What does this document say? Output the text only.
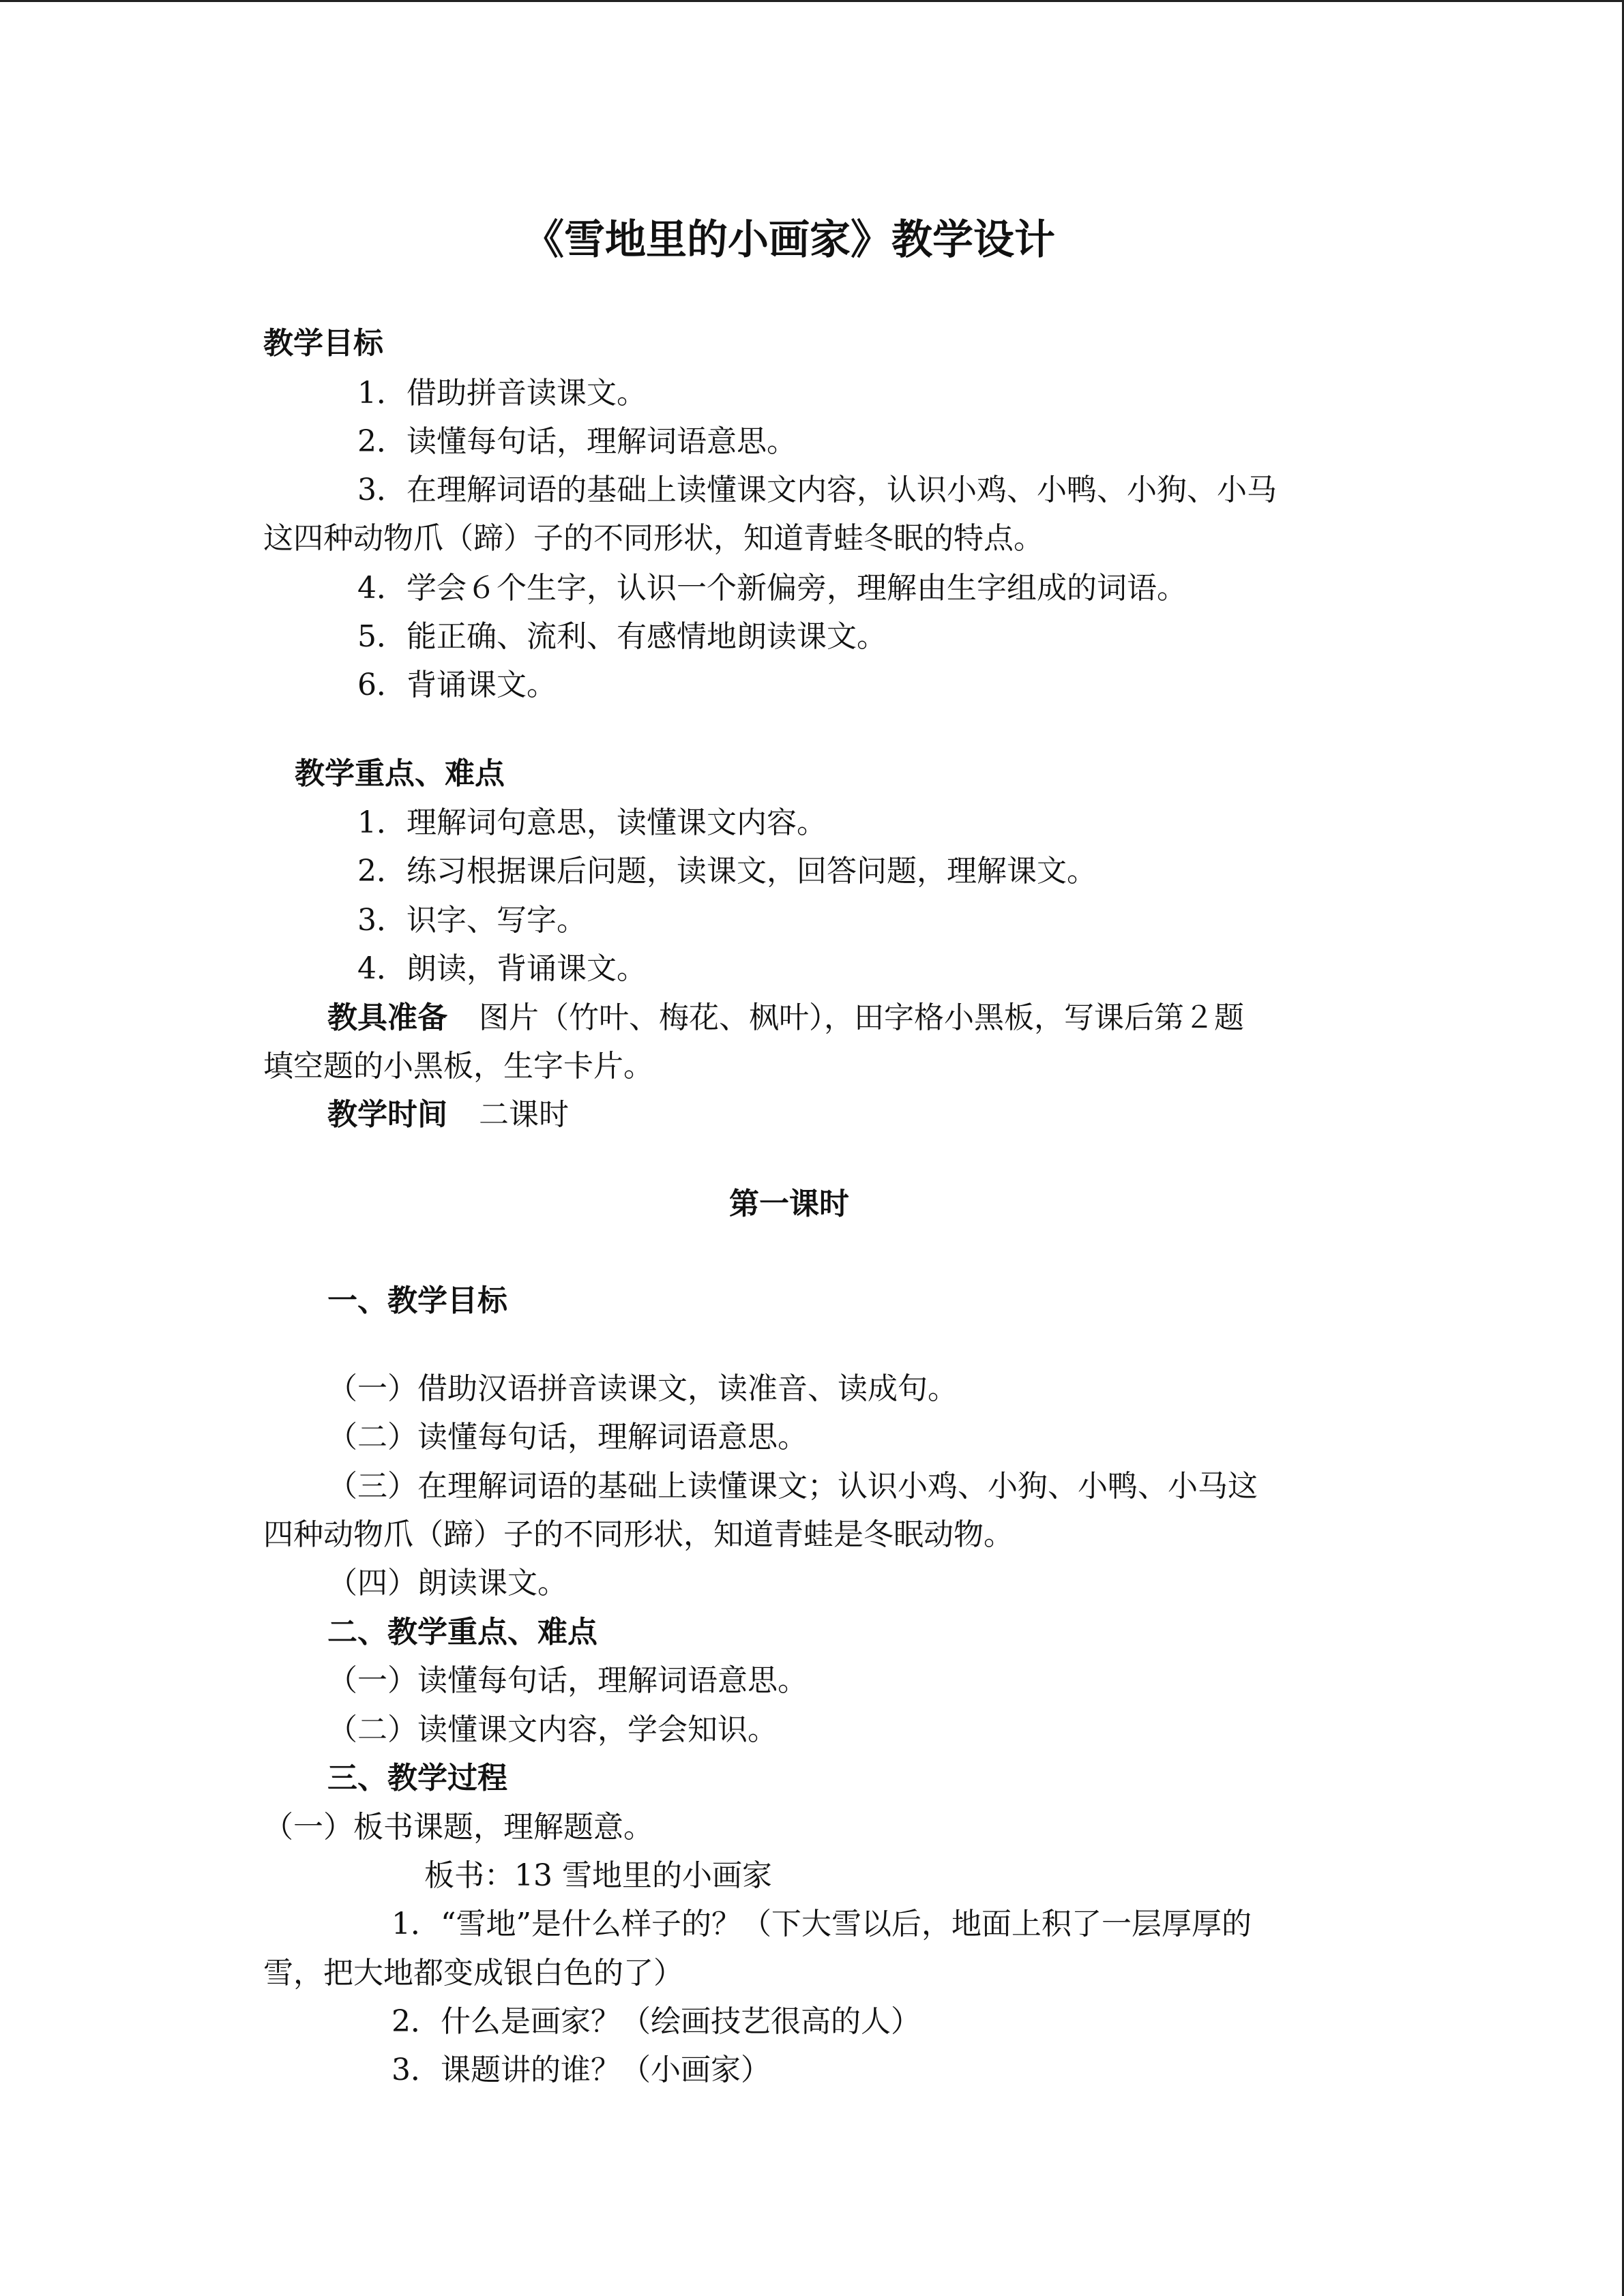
《雪地里的小画家》教学设计
教学目标
1．借助拼音读课文。
2．读懂每句话，理解词语意思。
3．在理解词语的基础上读懂课文内容，认识小鸡、小鸭、小狗、小马
这四种动物爪（蹄）子的不同形状，知道青蛙冬眠的特点。
4．学会６个生字，认识一个新偏旁，理解由生字组成的词语。
5．能正确、流利、有感情地朗读课文。
6．背诵课文。
教学重点、难点
1．理解词句意思，读懂课文内容。
2．练习根据课后问题，读课文，回答问题，理解课文。
3．识字、写字。
4．朗读，背诵课文。
教具准备 图片（竹叶、梅花、枫叶），田字格小黑板，写课后第２题
填空题的小黑板，生字卡片。
教学时间 二课时
第一课时
一、教学目标
（一）借助汉语拼音读课文，读准音、读成句。
（二）读懂每句话，理解词语意思。
（三）在理解词语的基础上读懂课文；认识小鸡、小狗、小鸭、小马这
四种动物爪（蹄）子的不同形状，知道青蛙是冬眠动物。
（四）朗读课文。
二、教学重点、难点
（一）读懂每句话，理解词语意思。
（二）读懂课文内容，学会知识。
三、教学过程
（一）板书课题，理解题意。
板书：13 雪地里的小画家
1．“雪地”是什么样子的？（下大雪以后，地面上积了一层厚厚的
雪，把大地都变成银白色的了）
2．什么是画家？（绘画技艺很高的人）
3．课题讲的谁？（小画家）
